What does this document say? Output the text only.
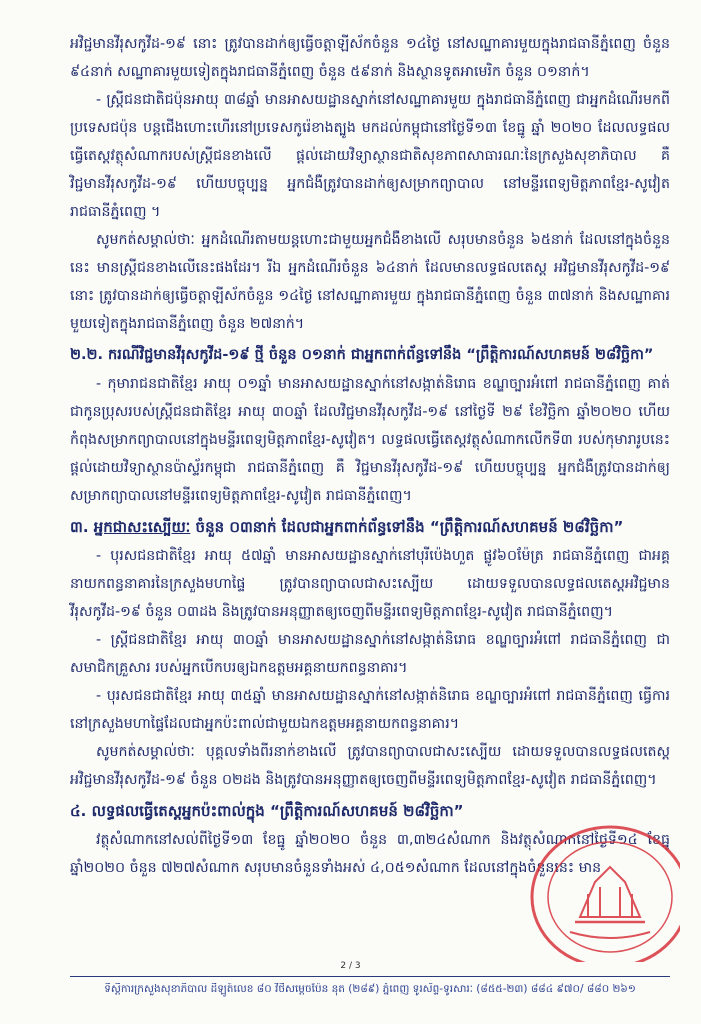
អវិជ្ជមានវីរុសកូវីដ-១៩ នោះ ត្រូវបានដាក់ឲ្យធ្វើចត្តាឡីស័កចំនួន ១៤ថ្ងៃ នៅសណ្ឋាគារមួយក្នុងរាជធានីភ្នំពេញ ចំនួន ៩៤នាក់ សណ្ឋាគារមួយទៀតក្នុងរាជធានីភ្នំពេញ ចំនួន ៥៩នាក់ និងស្ថានទូតអាមេរិក ចំនួន ០១នាក់។

- ស្ត្រីជនជាតិជប៉ុនអាយុ ៣៨ឆ្នាំ មានអាសយដ្ឋានស្នាក់នៅសណ្ឋាគារមួយ ក្នុងរាជធានីភ្នំពេញ ជាអ្នកដំណើរមកពីប្រទេសជប៉ុន បន្តជើងហោះហើរនៅប្រទេសកូរ៉េខាងត្បូង មកដល់កម្ពុជានៅថ្ងៃទី១៣ ខែធ្នូ ឆ្នាំ ២០២០ ដែលលទ្ធផលធ្វើតេស្តវត្ថុសំណាករបស់ស្ត្រីជនខាងលើ ផ្តល់ដោយវិទ្យាស្ថានជាតិសុខភាពសាធារណៈនៃក្រសួងសុខាភិបាល គឺ វិជ្ជមានវីរុសកូវីដ-១៩ ហើយបច្ចុប្បន្ន អ្នកជំងឺត្រូវបានដាក់ឲ្យសម្រាកព្យាបាល នៅមន្ទីរពេទ្យមិត្តភាពខ្មែរ-សូវៀត រាជធានីភ្នំពេញ ។

សូមកត់សម្គាល់ថាៈ អ្នកដំណើរតាមយន្តហោះជាមួយអ្នកជំងឺខាងលើ សរុបមានចំនួន ៦៥នាក់ ដែលនៅក្នុងចំនួននេះ មានស្ត្រីជនខាងលើនេះផងដែរ។ រីឯ អ្នកដំណើរចំនួន ៦៤នាក់ ដែលមានលទ្ធផលតេស្ត អវិជ្ជមានវីរុសកូវីដ-១៩ នោះ ត្រូវបានដាក់ឲ្យធ្វើចត្តាឡីស័កចំនួន ១៤ថ្ងៃ នៅសណ្ឋាគារមួយ ក្នុងរាជធានីភ្នំពេញ ចំនួន ៣៧នាក់ និងសណ្ឋាគារមួយទៀតក្នុងរាជធានីភ្នំពេញ ចំនួន ២៧នាក់។

២.២. ករណីវិជ្ជមានវីរុសកូវីដ-១៩ ថ្មី ចំនួន ០១នាក់ ជាអ្នកពាក់ព័ន្ធទៅនឹង “ព្រឹត្តិការណ៍សហគមន៍ ២៨វិច្ឆិកា”

- កុមារាជនជាតិខ្មែរ អាយុ ០១ឆ្នាំ មានអាសយដ្ឋានស្នាក់នៅសង្កាត់និរោធ ខណ្ឌច្បារអំពៅ រាជធានីភ្នំពេញ គាត់ជាកូនប្រុសរបស់ស្ត្រីជនជាតិខ្មែរ អាយុ ៣០ឆ្នាំ ដែលវិជ្ជមានវីរុសកូវីដ-១៩ នៅថ្ងៃទី ២៩ ខែវិច្ឆិកា ឆ្នាំ២០២០ ហើយកំពុងសម្រាកព្យាបាលនៅក្នុងមន្ទីរពេទ្យមិត្តភាពខ្មែរ-សូវៀត។ លទ្ធផលធ្វើតេស្តវត្ថុសំណាកលើកទី៣ របស់កុមារារូបនេះ ផ្តល់ដោយវិទ្យាស្ថានប៉ាស្ទ័រកម្ពុជា រាជធានីភ្នំពេញ គឺ វិជ្ជមានវីរុសកូវីដ-១៩ ហើយបច្ចុប្បន្ន អ្នកជំងឺត្រូវបានដាក់ឲ្យសម្រាកព្យាបាលនៅមន្ទីរពេទ្យមិត្តភាពខ្មែរ-សូវៀត រាជធានីភ្នំពេញ។

៣. អ្នកជាសះស្បើយៈ ចំនួន ០៣នាក់ ដែលជាអ្នកពាក់ព័ន្ធទៅនឹង “ព្រឹត្តិការណ៍សហគមន៍ ២៨វិច្ឆិកា”

- បុរសជនជាតិខ្មែរ អាយុ ៥៧ឆ្នាំ មានអាសយដ្ឋានស្នាក់នៅបុរីប៉េងហួត ផ្លូវ៦០ម៉ែត្រ រាជធានីភ្នំពេញ ជាអគ្គនាយកពន្ធនាគារនៃក្រសួងមហាផ្ទៃ ត្រូវបានព្យាបាលជាសះស្បើយ ដោយទទួលបានលទ្ធផលតេស្តអវិជ្ជមានវីរុសកូវីដ-១៩ ចំនួន ០៣ដង និងត្រូវបានអនុញ្ញាតឲ្យចេញពីមន្ទីរពេទ្យមិត្តភាពខ្មែរ-សូវៀត រាជធានីភ្នំពេញ។

- ស្ត្រីជនជាតិខ្មែរ អាយុ ៣០ឆ្នាំ មានអាសយដ្ឋានស្នាក់នៅសង្កាត់និរោធ ខណ្ឌច្បារអំពៅ រាជធានីភ្នំពេញ ជាសមាជិកគ្រួសារ របស់អ្នកបើកបរឲ្យឯកឧត្តមអគ្គនាយកពន្ធនាគារ។

- បុរសជនជាតិខ្មែរ អាយុ ៣៥ឆ្នាំ មានអាសយដ្ឋានស្នាក់នៅសង្កាត់និរោធ ខណ្ឌច្បារអំពៅ រាជធានីភ្នំពេញ ធ្វើការនៅក្រសួងមហាផ្ទៃដែលជាអ្នកប៉ះពាល់ជាមួយឯកឧត្តមអគ្គនាយកពន្ធនាគារ។

សូមកត់សម្គាល់ថាៈ បុគ្គលទាំងពីរនាក់ខាងលើ ត្រូវបានព្យាបាលជាសះស្បើយ ដោយទទួលបានលទ្ធផលតេស្តអវិជ្ជមានវីរុសកូវីដ-១៩ ចំនួន ០២ដង និងត្រូវបានអនុញ្ញាតឲ្យចេញពីមន្ទីរពេទ្យមិត្តភាពខ្មែរ-សូវៀត រាជធានីភ្នំពេញ។

៤. លទ្ធផលធ្វើតេស្តអ្នកប៉ះពាល់ក្នុង “ព្រឹត្តិការណ៍សហគមន៍ ២៨វិច្ឆិកា”

វត្ថុសំណាកនៅសល់ពីថ្ងៃទី១៣ ខែធ្នូ ឆ្នាំ២០២០ ចំនួន ៣,៣២៤សំណាក និងវត្ថុសំណាកនៅថ្ងៃទី១៤ ខែធ្នូ ឆ្នាំ២០២០ ចំនួន ៧២៧សំណាក សរុបមានចំនួនទាំងអស់ ៤,០៥១សំណាក ដែលនៅក្នុងចំនួននេះ មាន

2 / 3
ទីស្តីការក្រសួងសុខាភិបាល ដីឡូត៍លេខ ៨០ វិថីសម្តេចប៉ែន នុត (២៨៩) ភ្នំពេញ ទូរស័ព្ទ-ទូរសារៈ (៨៥៥-២៣) ៨៨៤ ៩៧០/ ៨៨០ ២៦១
